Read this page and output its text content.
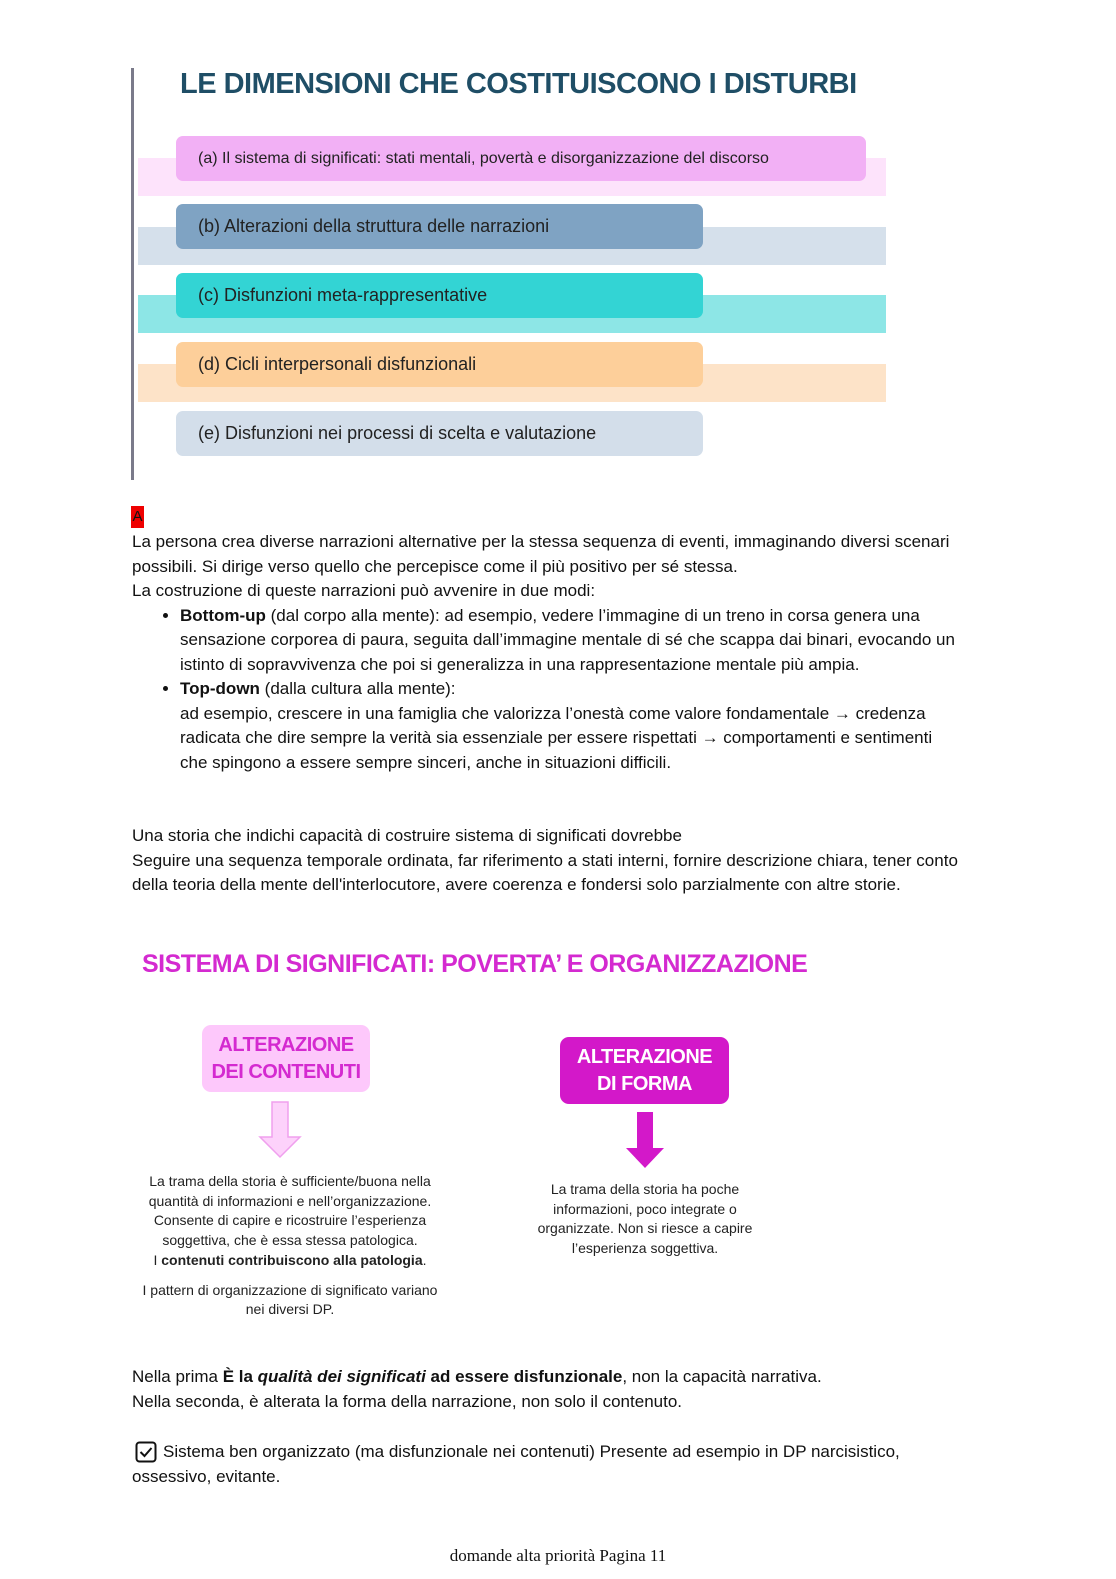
LE DIMENSIONI CHE COSTITUISCONO I DISTURBI
(a) Il sistema di significati: stati mentali, povertà e disorganizzazione del discorso
(b) Alterazioni della struttura delle narrazioni
(c) Disfunzioni meta-rappresentative
(d) Cicli interpersonali disfunzionali
(e) Disfunzioni nei processi di scelta e valutazione
A
La persona crea diverse narrazioni alternative per la stessa sequenza di eventi, immaginando diversi scenari possibili. Si dirige verso quello che percepisce come il più positivo per sé stessa.
La costruzione di queste narrazioni può avvenire in due modi:
• Bottom-up (dal corpo alla mente): ad esempio, vedere l’immagine di un treno in corsa genera una sensazione corporea di paura, seguita dall’immagine mentale di sé che scappa dai binari, evocando un istinto di sopravvivenza che poi si generalizza in una rappresentazione mentale più ampia.
• Top-down (dalla cultura alla mente):
ad esempio, crescere in una famiglia che valorizza l’onestà come valore fondamentale → credenza radicata che dire sempre la verità sia essenziale per essere rispettati → comportamenti e sentimenti che spingono a essere sempre sinceri, anche in situazioni difficili.
Una storia che indichi capacità di costruire sistema di significati dovrebbe
Seguire una sequenza temporale ordinata, far riferimento a stati interni, fornire descrizione chiara, tener conto della teoria della mente dell'interlocutore, avere coerenza e fondersi solo parzialmente con altre storie.
SISTEMA DI SIGNIFICATI: POVERTA’ E ORGANIZZAZIONE
ALTERAZIONE
DEI CONTENUTI
La trama della storia è sufficiente/buona nella quantità di informazioni e nell’organizzazione. Consente di capire e ricostruire l’esperienza soggettiva, che è essa stessa patologica.
I contenuti contribuiscono alla patologia.
I pattern di organizzazione di significato variano nei diversi DP.
ALTERAZIONE
DI FORMA
La trama della storia ha poche informazioni, poco integrate o organizzate. Non si riesce a capire l’esperienza soggettiva.
Nella prima È la qualità dei significati ad essere disfunzionale, non la capacità narrativa.
Nella seconda, è alterata la forma della narrazione, non solo il contenuto.
Sistema ben organizzato (ma disfunzionale nei contenuti) Presente ad esempio in DP narcisistico, ossessivo, evitante.
domande alta priorità Pagina 11
